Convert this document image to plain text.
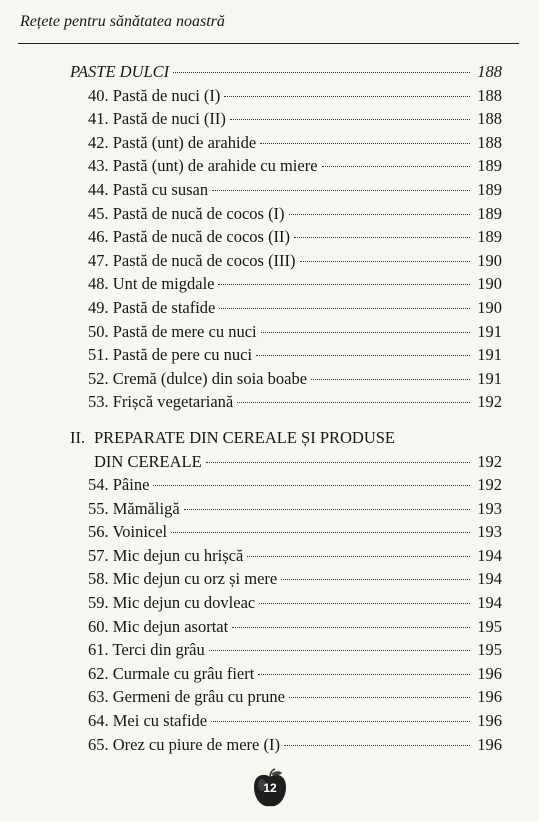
Rețete pentru sănătatea noastră
PASTE DULCI	188
40. Pastă de nuci (I)	188
41. Pastă de nuci (II)	188
42. Pastă (unt) de arahide	188
43. Pastă (unt) de arahide cu miere	189
44. Pastă cu susan	189
45. Pastă de nucă de cocos (I)	189
46. Pastă de nucă de cocos (II)	189
47. Pastă de nucă de cocos (III)	190
48. Unt de migdale	190
49. Pastă de stafide	190
50. Pastă de mere cu nuci	191
51. Pastă de pere cu nuci	191
52. Cremă (dulce) din soia boabe	191
53. Frișcă vegetariană	192
II. PREPARATE DIN CEREALE ȘI PRODUSE
DIN CEREALE	192
54. Pâine	192
55. Mămăligă	193
56. Voinicel	193
57. Mic dejun cu hrișcă	194
58. Mic dejun cu orz și mere	194
59. Mic dejun cu dovleac	194
60. Mic dejun asortat	195
61. Terci din grâu	195
62. Curmale cu grâu fiert	196
63. Germeni de grâu cu prune	196
64. Mei cu stafide	196
65. Orez cu piure de mere (I)	196
12
